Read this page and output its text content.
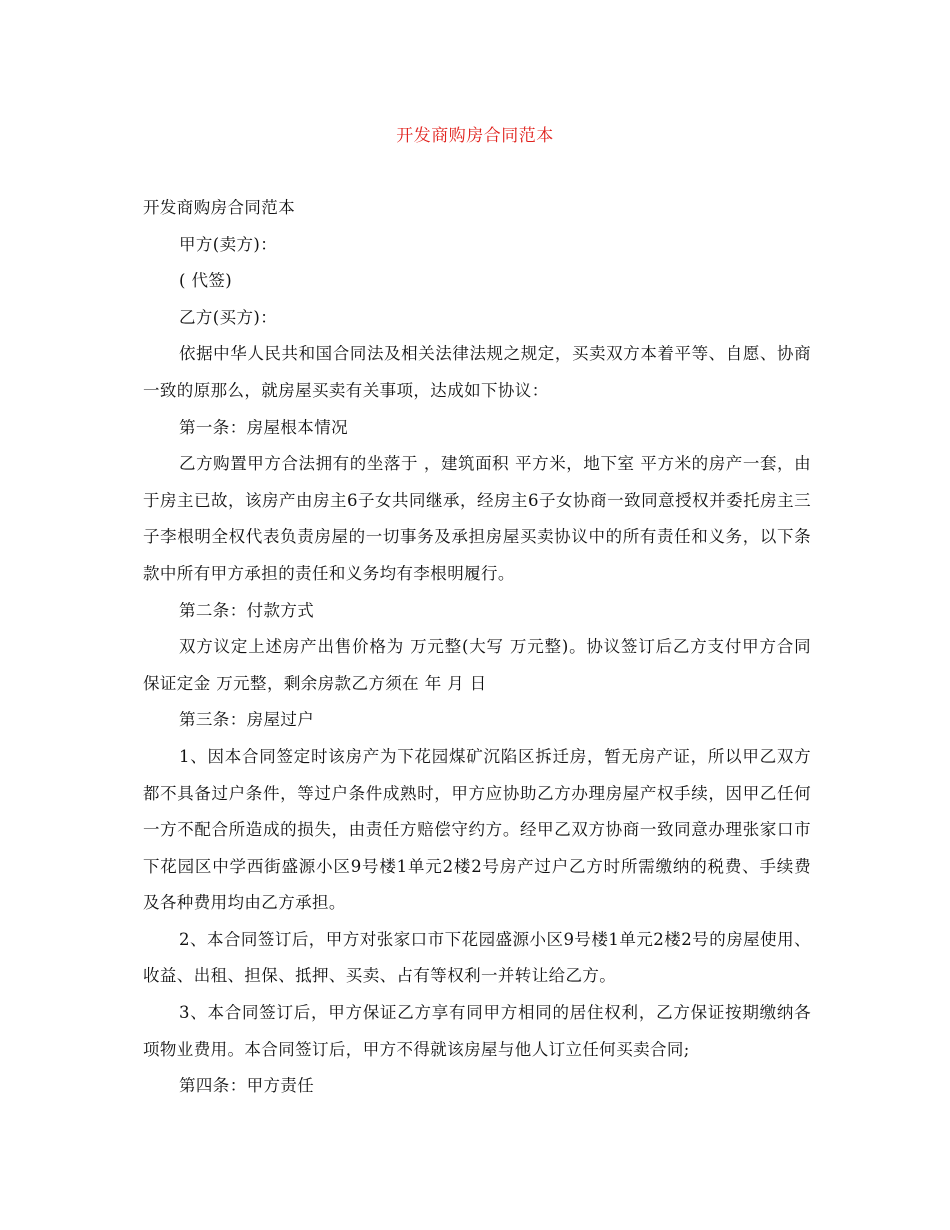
开发商购房合同范本

开发商购房合同范本

甲方(卖方)：

( 代签)

乙方(买方)：

依据中华人民共和国合同法及相关法律法规之规定，买卖双方本着平等、自愿、协商一致的原那么，就房屋买卖有关事项，达成如下协议：

第一条：房屋根本情况

乙方购置甲方合法拥有的坐落于 ，建筑面积 平方米，地下室 平方米的房产一套，由于房主已故，该房产由房主6子女共同继承，经房主6子女协商一致同意授权并委托房主三子李根明全权代表负责房屋的一切事务及承担房屋买卖协议中的所有责任和义务，以下条款中所有甲方承担的责任和义务均有李根明履行。

第二条：付款方式

双方议定上述房产出售价格为 万元整(大写 万元整)。协议签订后乙方支付甲方合同保证定金 万元整，剩余房款乙方须在 年 月 日

第三条：房屋过户

1、因本合同签定时该房产为下花园煤矿沉陷区拆迁房，暂无房产证，所以甲乙双方都不具备过户条件，等过户条件成熟时，甲方应协助乙方办理房屋产权手续，因甲乙任何一方不配合所造成的损失，由责任方赔偿守约方。经甲乙双方协商一致同意办理张家口市下花园区中学西街盛源小区9号楼1单元2楼2号房产过户乙方时所需缴纳的税费、手续费及各种费用均由乙方承担。

2、本合同签订后，甲方对张家口市下花园盛源小区9号楼1单元2楼2号的房屋使用、收益、出租、担保、抵押、买卖、占有等权利一并转让给乙方。

3、本合同签订后，甲方保证乙方享有同甲方相同的居住权利，乙方保证按期缴纳各项物业费用。本合同签订后，甲方不得就该房屋与他人订立任何买卖合同;

第四条：甲方责任
